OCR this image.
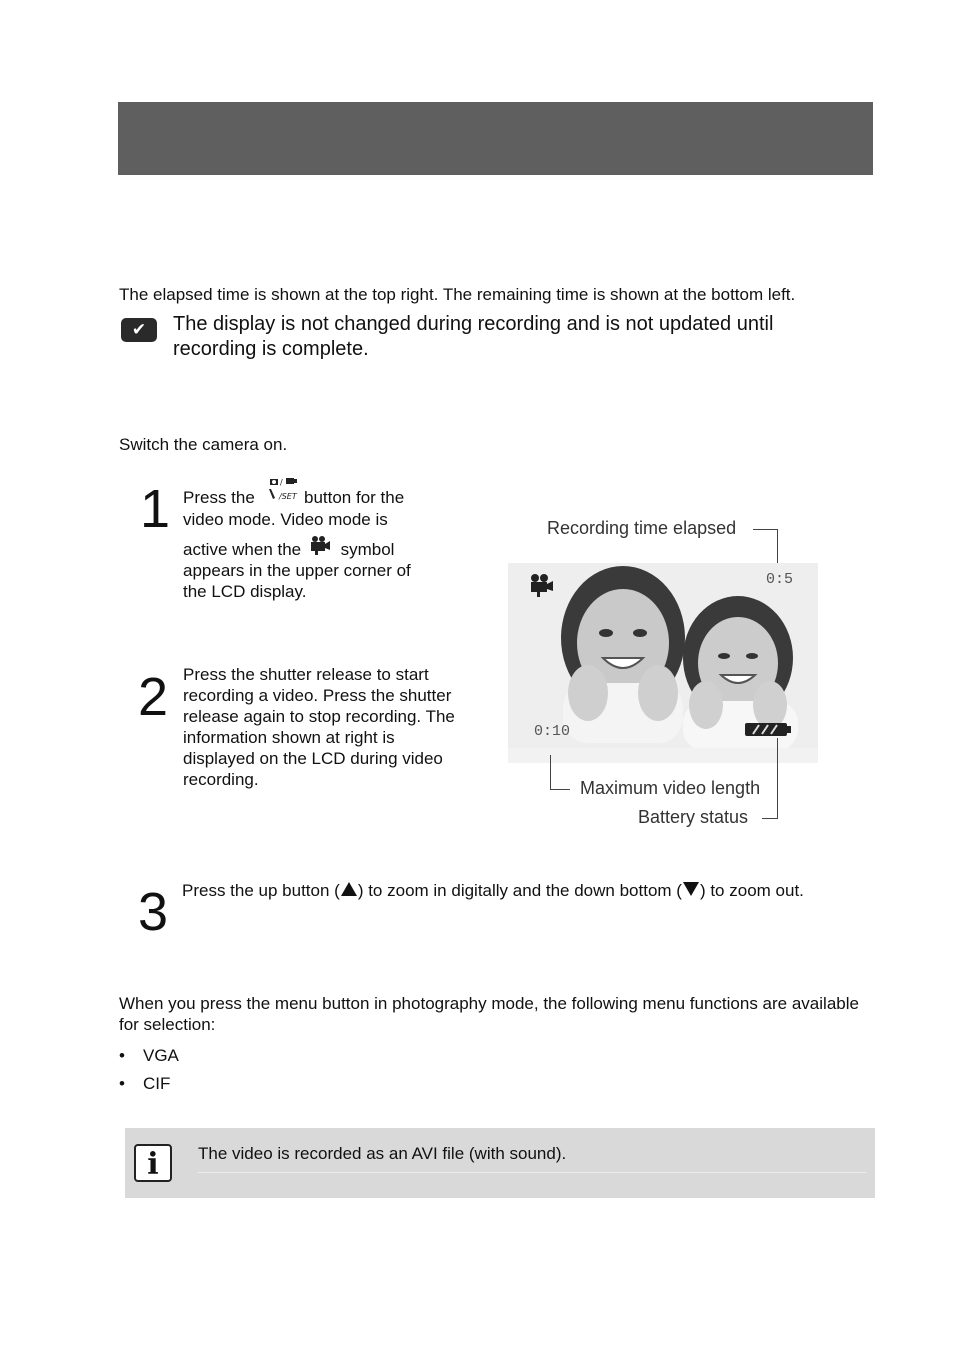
The elapsed time is shown at the top right. The remaining time is shown at the bottom left.
✔	The display is not changed during recording and is not updated until recording is complete.
Switch the camera on.
1 Press the
/
/SET button for the
video mode. Video mode is
active when the symbol
appears in the upper corner of
the LCD display.
2 Press the shutter release to start recording a video. Press the shutter release again to stop recording. The information shown at right is displayed on the LCD during video recording.
Recording time elapsed
0:5
0:10
Maximum video length
Battery status
3 Press the up button ( ) to zoom in digitally and the down bottom ( ) to zoom out.
When you press the menu button in photography mode, the following menu functions are available for selection:
• VGA
• CIF
i	The video is recorded as an AVI file (with sound).
